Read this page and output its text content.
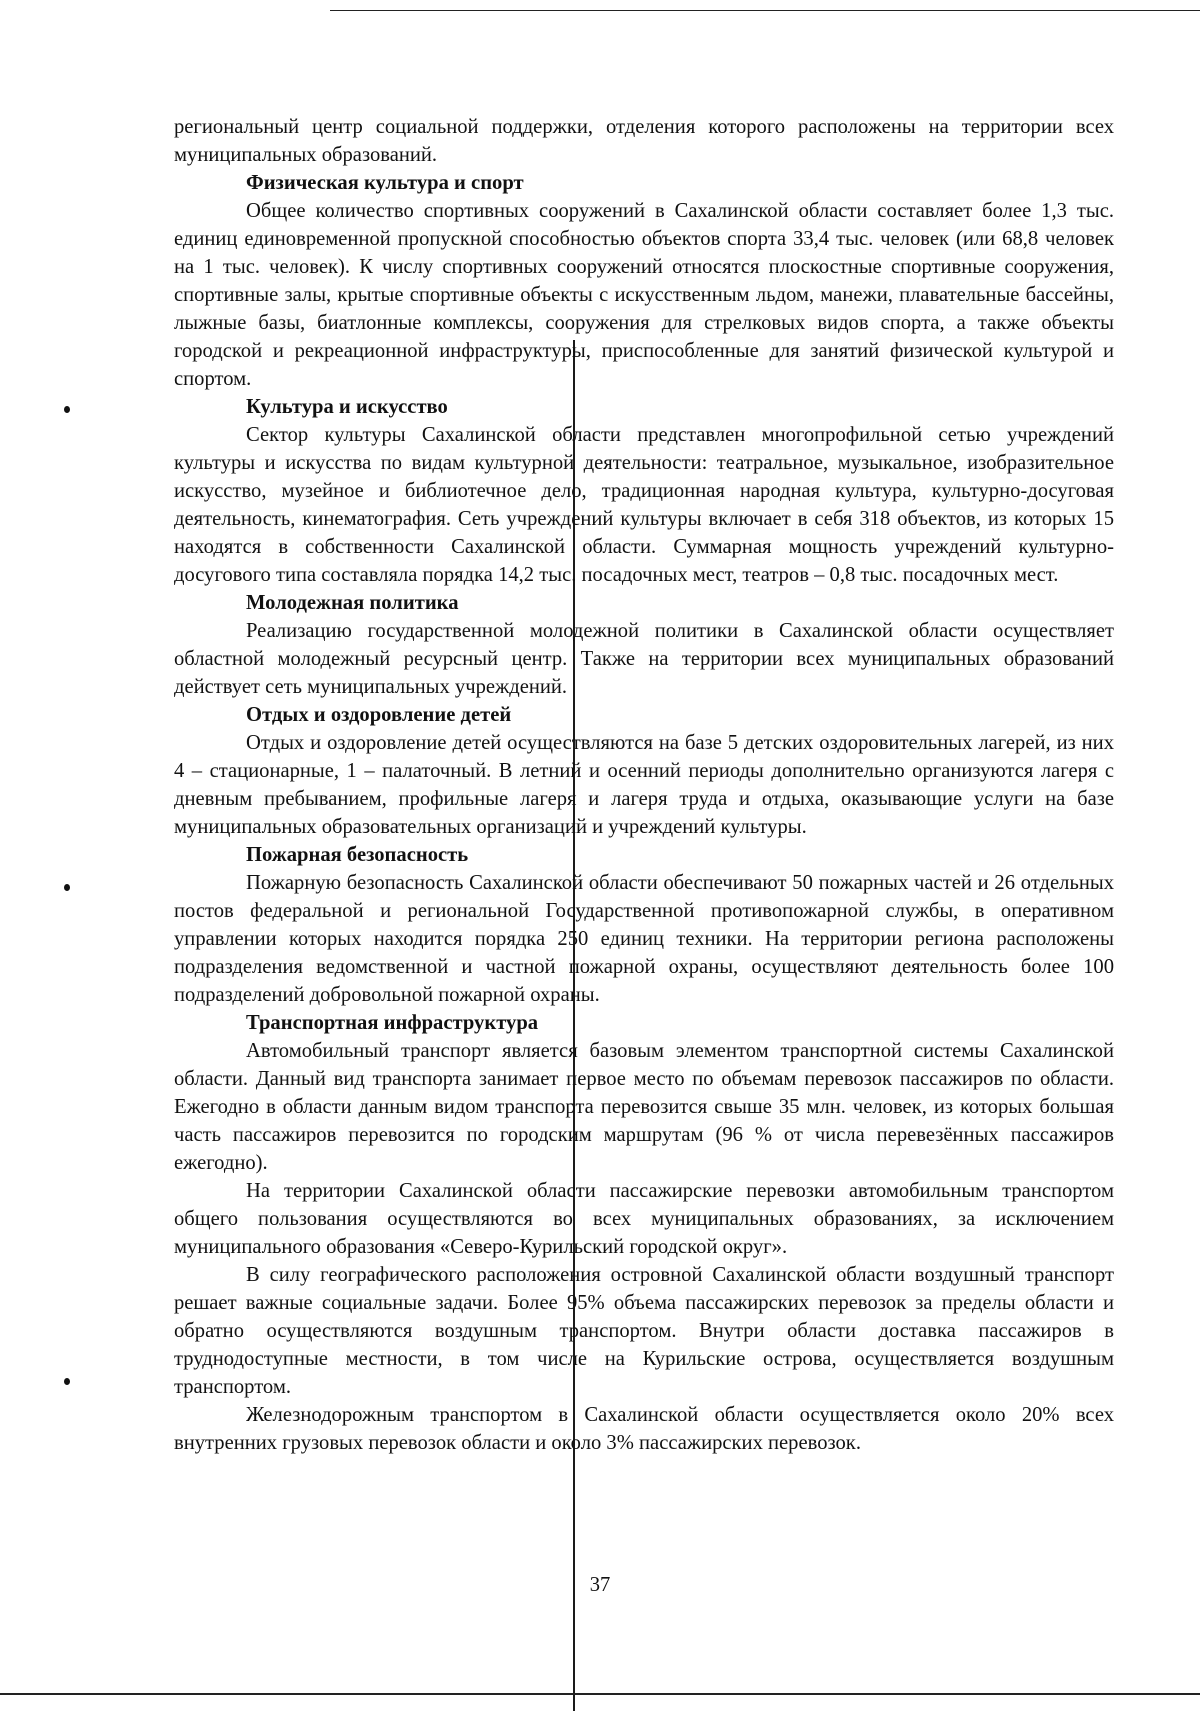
региональный центр социальной поддержки, отделения которого расположены на территории всех муниципальных образований.

Физическая культура и спорт

Общее количество спортивных сооружений в Сахалинской области составляет более 1,3 тыс. единиц единовременной пропускной способностью объектов спорта 33,4 тыс. человек (или 68,8 человек на 1 тыс. человек). К числу спортивных сооружений относятся плоскостные спортивные сооружения, спортивные залы, крытые спортивные объекты с искусственным льдом, манежи, плавательные бассейны, лыжные базы, биатлонные комплексы, сооружения для стрелковых видов спорта, а также объекты городской и рекреационной инфраструктуры, приспособленные для занятий физической культурой и спортом.

Культура и искусство

Сектор культуры Сахалинской области представлен многопрофильной сетью учреждений культуры и искусства по видам культурной деятельности: театральное, музыкальное, изобразительное искусство, музейное и библиотечное дело, традиционная народная культура, культурно-досуговая деятельность, кинематография. Сеть учреждений культуры включает в себя 318 объектов, из которых 15 находятся в собственности Сахалинской области. Суммарная мощность учреждений культурно-досугового типа составляла порядка 14,2 тыс. посадочных мест, театров – 0,8 тыс. посадочных мест.

Молодежная политика

Реализацию государственной молодежной политики в Сахалинской области осуществляет областной молодежный ресурсный центр. Также на территории всех муниципальных образований действует сеть муниципальных учреждений.

Отдых и оздоровление детей

Отдых и оздоровление детей осуществляются на базе 5 детских оздоровительных лагерей, из них 4 – стационарные, 1 – палаточный. В летний и осенний периоды дополнительно организуются лагеря с дневным пребыванием, профильные лагеря и лагеря труда и отдыха, оказывающие услуги на базе муниципальных образовательных организаций и учреждений культуры.

Пожарная безопасность

Пожарную безопасность Сахалинской области обеспечивают 50 пожарных частей и 26 отдельных постов федеральной и региональной Государственной противопожарной службы, в оперативном управлении которых находится порядка 250 единиц техники. На территории региона расположены подразделения ведомственной и частной пожарной охраны, осуществляют деятельность более 100 подразделений добровольной пожарной охраны.

Транспортная инфраструктура

Автомобильный транспорт является базовым элементом транспортной системы Сахалинской области. Данный вид транспорта занимает первое место по объемам перевозок пассажиров по области. Ежегодно в области данным видом транспорта перевозится свыше 35 млн. человек, из которых большая часть пассажиров перевозится по городским маршрутам (96 % от числа перевезённых пассажиров ежегодно).

На территории Сахалинской области пассажирские перевозки автомобильным транспортом общего пользования осуществляются во всех муниципальных образованиях, за исключением муниципального образования «Северо-Курильский городской округ».

В силу географического расположения островной Сахалинской области воздушный транспорт решает важные социальные задачи. Более 95% объема пассажирских перевозок за пределы области и обратно осуществляются воздушным транспортом. Внутри области доставка пассажиров в труднодоступные местности, в том числе на Курильские острова, осуществляется воздушным транспортом.

Железнодорожным транспортом в Сахалинской области осуществляется около 20% всех внутренних грузовых перевозок области и около 3% пассажирских перевозок.

37
